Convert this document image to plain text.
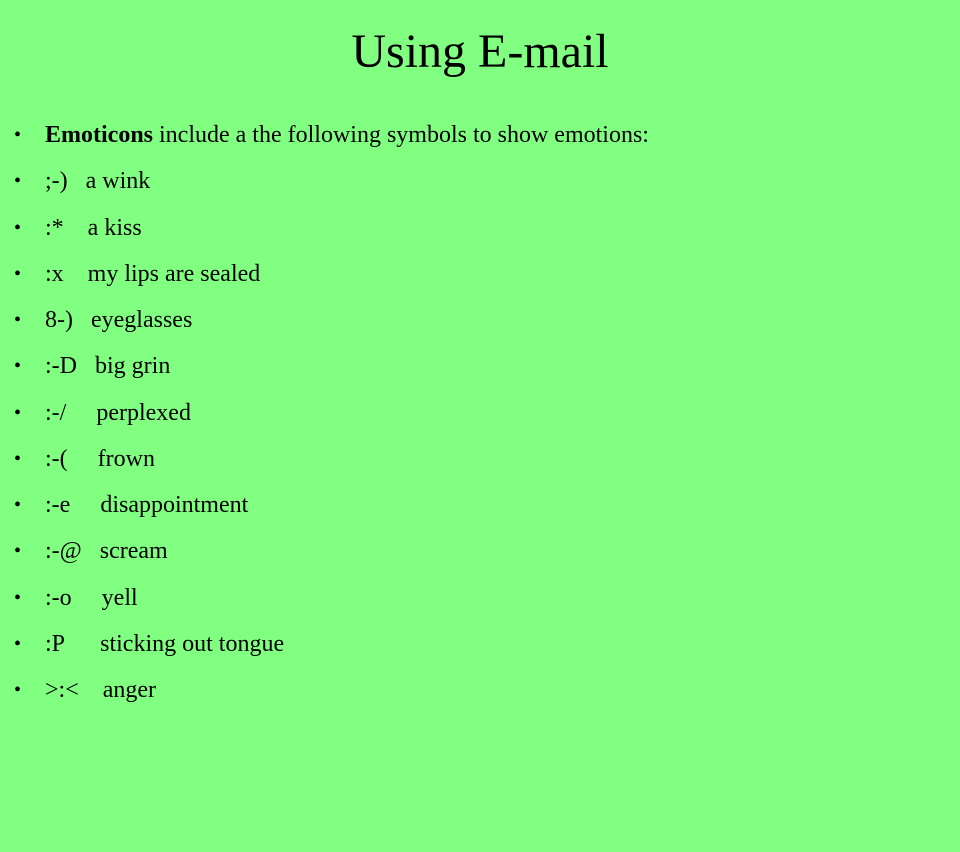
Using E-mail

•

Emoticons include a the following symbols to show emotions:

•

;-)   a wink

•

:*    a kiss

•

:x    my lips are sealed

•

8-)   eyeglasses

•

:-D   big grin

•

:-/     perplexed

•

:-(     frown

•

:-e     disappointment

•

:-@   scream

•

:-o     yell

•

:P      sticking out tongue

•

>:<    anger
